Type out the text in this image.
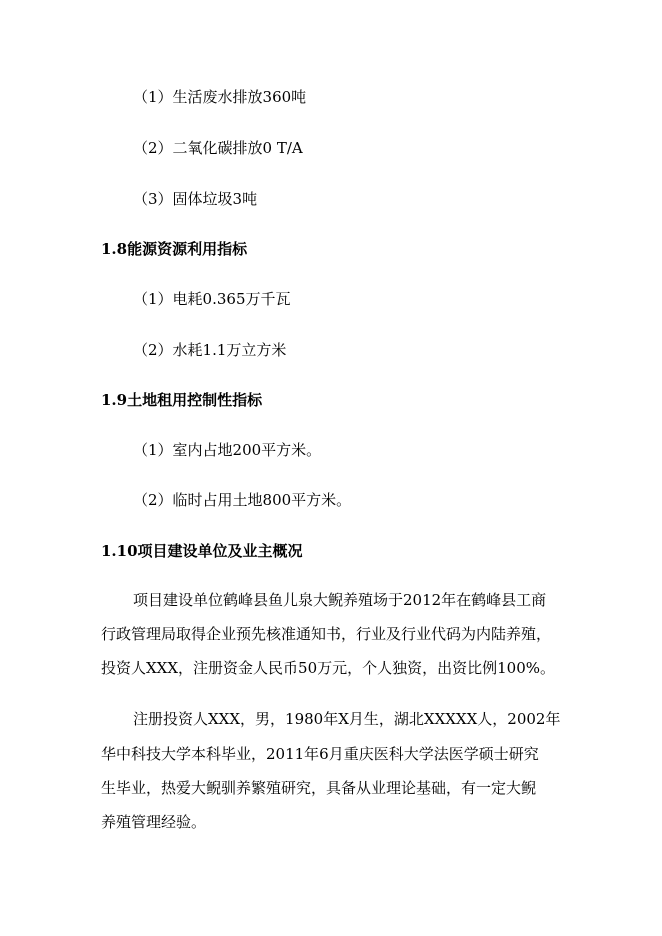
（1）生活废水排放360吨
（2）二氧化碳排放0 T/A
（3）固体垃圾3吨
1.8能源资源利用指标
（1）电耗0.365万千瓦
（2）水耗1.1万立方米
1.9土地租用控制性指标
（1）室内占地200平方米。
（2）临时占用土地800平方米。
1.10项目建设单位及业主概况
项目建设单位鹤峰县鱼儿泉大鲵养殖场于2012年在鹤峰县工商
行政管理局取得企业预先核准通知书，行业及行业代码为内陆养殖，
投资人XXX，注册资金人民币50万元，个人独资，出资比例100%。
注册投资人XXX，男，1980年X月生，湖北XXXXX人，2002年
华中科技大学本科毕业，2011年6月重庆医科大学法医学硕士研究
生毕业，热爱大鲵驯养繁殖研究，具备从业理论基础，有一定大鲵
养殖管理经验。
